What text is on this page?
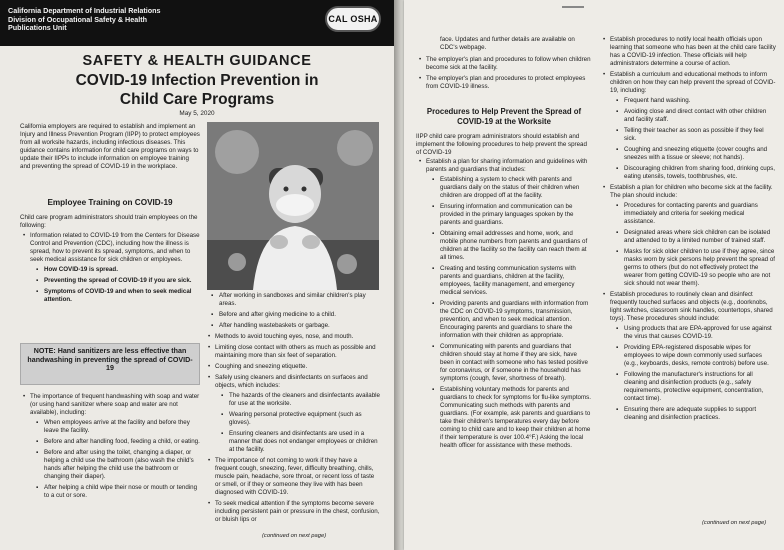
California Department of Industrial Relations
Division of Occupational Safety & Health
Publications Unit
CAL OSHA
SAFETY & HEALTH GUIDANCE
COVID-19 Infection Prevention in
Child Care Programs
May 5, 2020
California employers are required to establish and implement an Injury and Illness Prevention Program (IIPP) to protect employees from all worksite hazards, including infectious diseases. This guidance contains information for child care programs on ways to update their IIPPs to include information on employee training and preventing the spread of COVID-19 in the workplace.
Employee Training on COVID-19
Child care program administrators should train employees on the following:
• Information related to COVID-19 from the Centers for Disease Control and Prevention (CDC), including how the illness is spread, how to prevent its spread, symptoms, and when to seek medical assistance for sick children or employees.
▪ How COVID-19 is spread.
▪ Preventing the spread of COVID-19 if you are sick.
▪ Symptoms of COVID-19 and when to seek medical attention.
NOTE: Hand sanitizers are less effective than handwashing in preventing the spread of COVID-19
• The importance of frequent handwashing with soap and water (or using hand sanitizer where soap and water are not available), including:
▪ When employees arrive at the facility and before they leave the facility.
▪ Before and after handling food, feeding a child, or eating.
▪ Before and after using the toilet, changing a diaper, or helping a child use the bathroom (also wash the child's hands after helping the child use the bathroom or changing their diaper).
▪ After helping a child wipe their nose or mouth or tending to a cut or sore.
▪ After working in sandboxes and similar children's play areas.
▪ Before and after giving medicine to a child.
▪ After handling wastebaskets or garbage.
• Methods to avoid touching eyes, nose, and mouth.
• Limiting close contact with others as much as possible and maintaining more than six feet of separation.
• Coughing and sneezing etiquette.
• Safely using cleaners and disinfectants on surfaces and objects, which includes:
▪ The hazards of the cleaners and disinfectants available for use at the worksite.
▪ Wearing personal protective equipment (such as gloves).
▪ Ensuring cleaners and disinfectants are used in a manner that does not endanger employees or children at the facility.
• The importance of not coming to work if they have a frequent cough, sneezing, fever, difficulty breathing, chills, muscle pain, headache, sore throat, or recent loss of taste or smell, or if they or someone they live with has been diagnosed with COVID-19.
• To seek medical attention if the symptoms become severe including persistent pain or pressure in the chest, confusion, or bluish lips or
(continued on next page)
face. Updates and further details are available on CDC's webpage.
• The employer's plan and procedures to follow when children become sick at the facility.
• The employer's plan and procedures to protect employees from COVID-19 illness.
Procedures to Help Prevent the Spread of COVID-19 at the Worksite
IIPP child care program administrators should establish and implement the following procedures to help prevent the spread of COVID-19
• Establish a plan for sharing information and guidelines with parents and guardians that includes:
▪ Establishing a system to check with parents and guardians daily on the status of their children when children are dropped off at the facility.
▪ Ensuring information and communication can be provided in the primary languages spoken by the parents and guardians.
▪ Obtaining email addresses and home, work, and mobile phone numbers from parents and guardians of children at the facility so the facility can reach them at all times.
▪ Creating and testing communication systems with parents and guardians, children at the facility, employees, facility management, and emergency medical services.
▪ Providing parents and guardians with information from the CDC on COVID-19 symptoms, transmission, prevention, and when to seek medical attention. Encouraging parents and guardians to share the information with their children as appropriate.
▪ Communicating with parents and guardians that children should stay at home if they are sick, have been in contact with someone who has tested positive for coronavirus, or if someone in the household has symptoms (cough, fever, shortness of breath).
▪ Establishing voluntary methods for parents and guardians to check for symptoms for flu-like symptoms. Communicating such methods with parents and guardians. (For example, ask parents and guardians to take their children's temperatures every day before coming to child care and to keep their children at home if their temperature is over 100.4°F.) Asking the local health officer for assistance with these methods.
• Establish procedures to notify local health officials upon learning that someone who has been at the child care facility has a COVID-19 infection. These officials will help administrators determine a course of action.
• Establish a curriculum and educational methods to inform children on how they can help prevent the spread of COVID-19, including:
▪ Frequent hand washing.
▪ Avoiding close and direct contact with other children and facility staff.
▪ Telling their teacher as soon as possible if they feel sick.
▪ Coughing and sneezing etiquette (cover coughs and sneezes with a tissue or sleeve; not hands).
▪ Discouraging children from sharing food, drinking cups, eating utensils, towels, toothbrushes, etc.
• Establish a plan for children who become sick at the facility. The plan should include:
▪ Procedures for contacting parents and guardians immediately and criteria for seeking medical assistance.
▪ Designated areas where sick children can be isolated and attended to by a limited number of trained staff.
▪ Masks for sick older children to use if they agree, since masks worn by sick persons help prevent the spread of germs to others (but do not effectively protect the wearer from getting COVID-19 so people who are not sick should not wear them).
• Establish procedures to routinely clean and disinfect frequently touched surfaces and objects (e.g., doorknobs, light switches, classroom sink handles, countertops, shared toys). These procedures should include:
▪ Using products that are EPA-approved for use against the virus that causes COVID-19.
▪ Providing EPA-registered disposable wipes for employees to wipe down commonly used surfaces (e.g., keyboards, desks, remote controls) before use.
▪ Following the manufacturer's instructions for all cleaning and disinfection products (e.g., safety requirements, protective equipment, concentration, contact time).
▪ Ensuring there are adequate supplies to support cleaning and disinfection practices.
(continued on next page)
